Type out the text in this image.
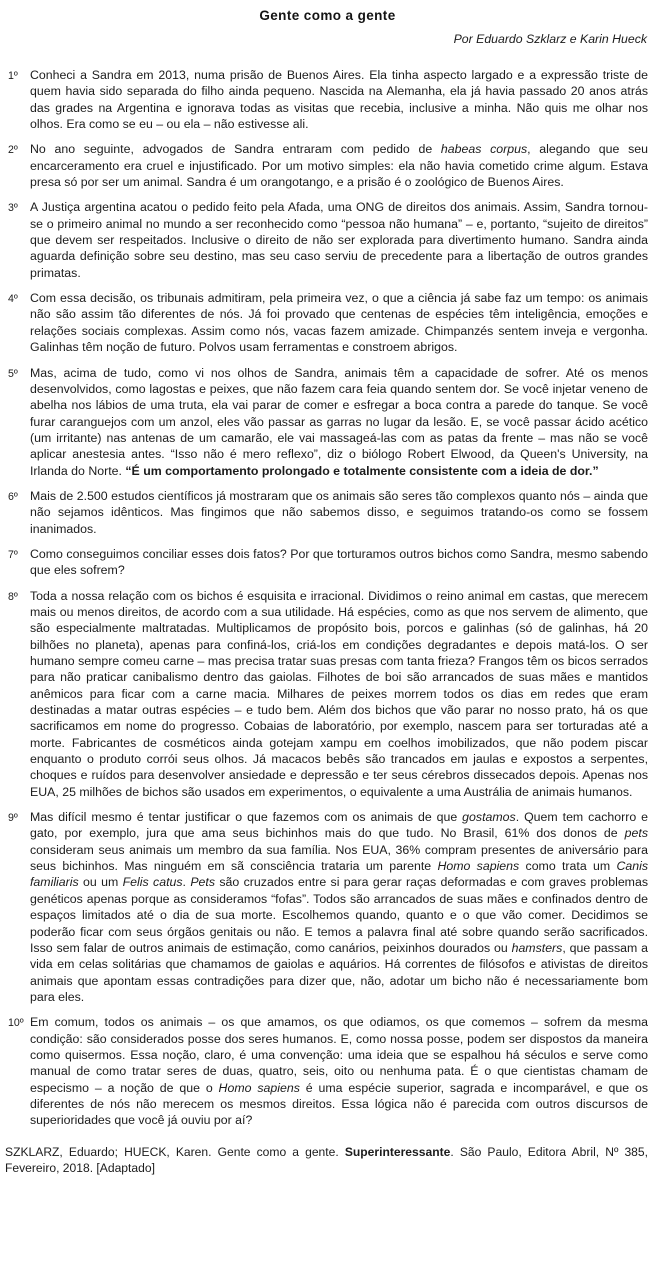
Gente como a gente
Por Eduardo Szklarz e Karin Hueck
1º Conheci a Sandra em 2013, numa prisão de Buenos Aires. Ela tinha aspecto largado e a expressão triste de quem havia sido separada do filho ainda pequeno. Nascida na Alemanha, ela já havia passado 20 anos atrás das grades na Argentina e ignorava todas as visitas que recebia, inclusive a minha. Não quis me olhar nos olhos. Era como se eu – ou ela – não estivesse ali.
2º No ano seguinte, advogados de Sandra entraram com pedido de habeas corpus, alegando que seu encarceramento era cruel e injustificado. Por um motivo simples: ela não havia cometido crime algum. Estava presa só por ser um animal. Sandra é um orangotango, e a prisão é o zoológico de Buenos Aires.
3º A Justiça argentina acatou o pedido feito pela Afada, uma ONG de direitos dos animais. Assim, Sandra tornou-se o primeiro animal no mundo a ser reconhecido como “pessoa não humana” – e, portanto, “sujeito de direitos” que devem ser respeitados. Inclusive o direito de não ser explorada para divertimento humano. Sandra ainda aguarda definição sobre seu destino, mas seu caso serviu de precedente para a libertação de outros grandes primatas.
4º Com essa decisão, os tribunais admitiram, pela primeira vez, o que a ciência já sabe faz um tempo: os animais não são assim tão diferentes de nós. Já foi provado que centenas de espécies têm inteligência, emoções e relações sociais complexas. Assim como nós, vacas fazem amizade. Chimpanzés sentem inveja e vergonha. Galinhas têm noção de futuro. Polvos usam ferramentas e constroem abrigos.
5º Mas, acima de tudo, como vi nos olhos de Sandra, animais têm a capacidade de sofrer. Até os menos desenvolvidos, como lagostas e peixes, que não fazem cara feia quando sentem dor. Se você injetar veneno de abelha nos lábios de uma truta, ela vai parar de comer e esfregar a boca contra a parede do tanque. Se você furar caranguejos com um anzol, eles vão passar as garras no lugar da lesão. E, se você passar ácido acético (um irritante) nas antenas de um camarão, ele vai massageá-las com as patas da frente – mas não se você aplicar anestesia antes. “Isso não é mero reflexo”, diz o biólogo Robert Elwood, da Queen's University, na Irlanda do Norte. “É um comportamento prolongado e totalmente consistente com a ideia de dor.”
6º Mais de 2.500 estudos científicos já mostraram que os animais são seres tão complexos quanto nós – ainda que não sejamos idênticos. Mas fingimos que não sabemos disso, e seguimos tratando-os como se fossem inanimados.
7º Como conseguimos conciliar esses dois fatos? Por que torturamos outros bichos como Sandra, mesmo sabendo que eles sofrem?
8º Toda a nossa relação com os bichos é esquisita e irracional. Dividimos o reino animal em castas, que merecem mais ou menos direitos, de acordo com a sua utilidade. Há espécies, como as que nos servem de alimento, que são especialmente maltratadas. Multiplicamos de propósito bois, porcos e galinhas (só de galinhas, há 20 bilhões no planeta), apenas para confiná-los, criá-los em condições degradantes e depois matá-los. O ser humano sempre comeu carne – mas precisa tratar suas presas com tanta frieza? Frangos têm os bicos serrados para não praticar canibalismo dentro das gaiolas. Filhotes de boi são arrancados de suas mães e mantidos anêmicos para ficar com a carne macia. Milhares de peixes morrem todos os dias em redes que eram destinadas a matar outras espécies – e tudo bem. Além dos bichos que vão parar no nosso prato, há os que sacrificamos em nome do progresso. Cobaias de laboratório, por exemplo, nascem para ser torturadas até a morte. Fabricantes de cosméticos ainda gotejam xampu em coelhos imobilizados, que não podem piscar enquanto o produto corrói seus olhos. Já macacos bebês são trancados em jaulas e expostos a serpentes, choques e ruídos para desenvolver ansiedade e depressão e ter seus cérebros dissecados depois. Apenas nos EUA, 25 milhões de bichos são usados em experimentos, o equivalente a uma Austrália de animais humanos.
9º Mas difícil mesmo é tentar justificar o que fazemos com os animais de que gostamos. Quem tem cachorro e gato, por exemplo, jura que ama seus bichinhos mais do que tudo. No Brasil, 61% dos donos de pets consideram seus animais um membro da sua família. Nos EUA, 36% compram presentes de aniversário para seus bichinhos. Mas ninguém em sã consciência trataria um parente Homo sapiens como trata um Canis familiaris ou um Felis catus. Pets são cruzados entre si para gerar raças deformadas e com graves problemas genéticos apenas porque as consideramos “fofas”. Todos são arrancados de suas mães e confinados dentro de espaços limitados até o dia de sua morte. Escolhemos quando, quanto e o que vão comer. Decidimos se poderão ficar com seus órgãos genitais ou não. E temos a palavra final até sobre quando serão sacrificados. Isso sem falar de outros animais de estimação, como canários, peixinhos dourados ou hamsters, que passam a vida em celas solitárias que chamamos de gaiolas e aquários. Há correntes de filósofos e ativistas de direitos animais que apontam essas contradições para dizer que, não, adotar um bicho não é necessariamente bom para eles.
10º Em comum, todos os animais – os que amamos, os que odiamos, os que comemos – sofrem da mesma condição: são considerados posse dos seres humanos. E, como nossa posse, podem ser dispostos da maneira como quisermos. Essa noção, claro, é uma convenção: uma ideia que se espalhou há séculos e serve como manual de como tratar seres de duas, quatro, seis, oito ou nenhuma pata. É o que cientistas chamam de especismo – a noção de que o Homo sapiens é uma espécie superior, sagrada e incomparável, e que os diferentes de nós não merecem os mesmos direitos. Essa lógica não é parecida com outros discursos de superioridades que você já ouviu por aí?
SZKLARZ, Eduardo; HUECK, Karen. Gente como a gente. Superinteressante. São Paulo, Editora Abril, Nº 385, Fevereiro, 2018. [Adaptado]
